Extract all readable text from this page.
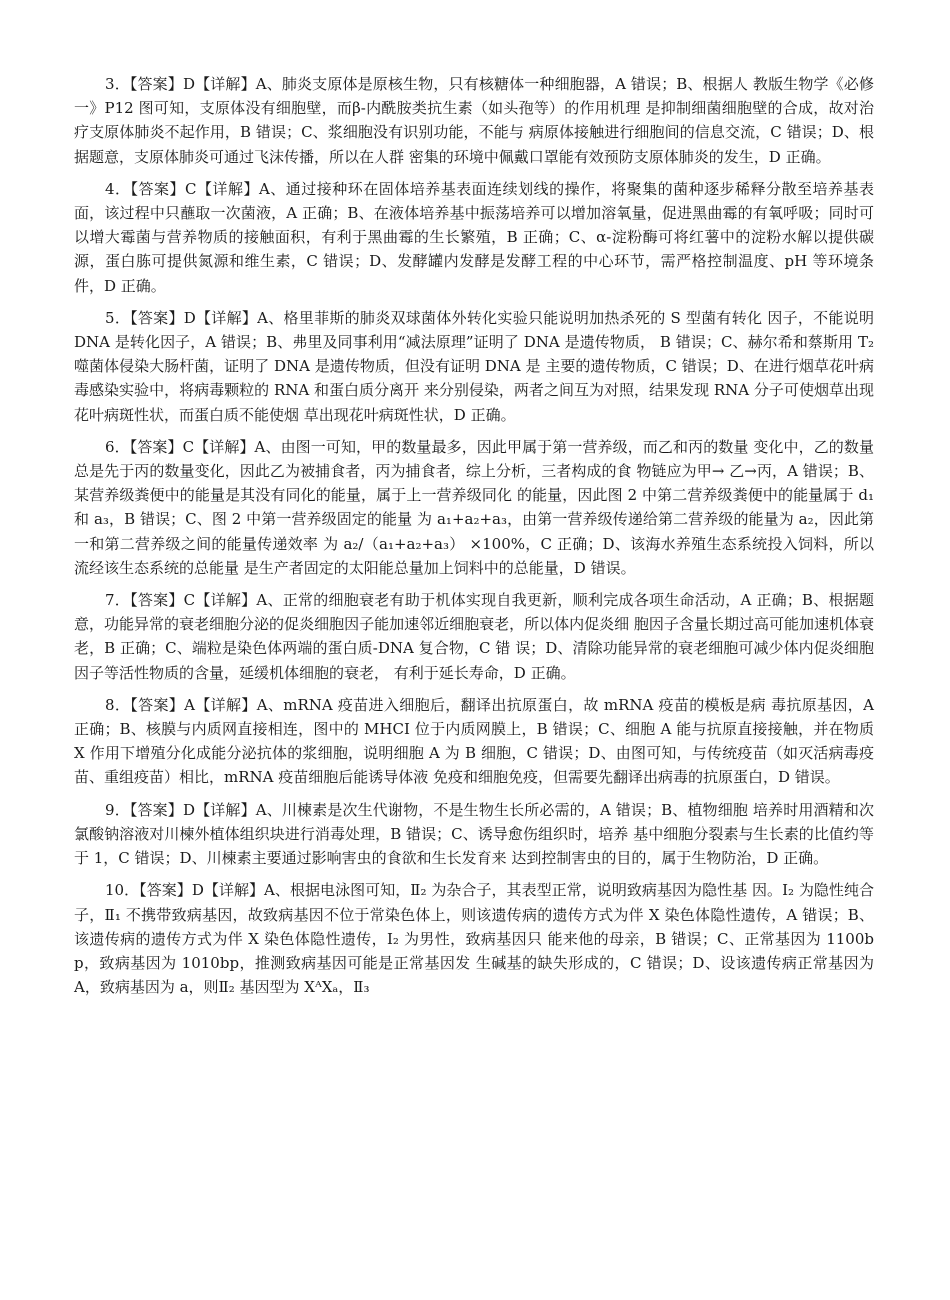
3．【答案】D【详解】A、肺炎支原体是原核生物，只有核糖体一种细胞器，A 错误；B、根据人 教版生物学《必修一》P12 图可知，支原体没有细胞壁，而β-内酰胺类抗生素（如头孢等）的作用机理 是抑制细菌细胞壁的合成，故对治疗支原体肺炎不起作用，B 错误；C、浆细胞没有识别功能，不能与 病原体接触进行细胞间的信息交流，C 错误；D、根据题意，支原体肺炎可通过飞沫传播，所以在人群 密集的环境中佩戴口罩能有效预防支原体肺炎的发生，D 正确。

4．【答案】C【详解】A、通过接种环在固体培养基表面连续划线的操作，将聚集的菌种逐步稀释分散至培养基表面，该过程中只蘸取一次菌液，A 正确；B、在液体培养基中振荡培养可以增加溶氧量，促进黑曲霉的有氧呼吸；同时可以增大霉菌与营养物质的接触面积，有利于黑曲霉的生长繁殖，B 正确；C、α-淀粉酶可将红薯中的淀粉水解以提供碳源，蛋白胨可提供氮源和维生素，C 错误；D、发酵罐内发酵是发酵工程的中心环节，需严格控制温度、pH 等环境条件，D 正确。

5．【答案】D【详解】A、格里菲斯的肺炎双球菌体外转化实验只能说明加热杀死的 S 型菌有转化 因子，不能说明 DNA 是转化因子，A 错误；B、弗里及同事利用“减法原理”证明了 DNA 是遗传物质， B 错误；C、赫尔希和蔡斯用 T₂ 噬菌体侵染大肠杆菌，证明了 DNA 是遗传物质，但没有证明 DNA 是 主要的遗传物质，C 错误；D、在进行烟草花叶病毒感染实验中，将病毒颗粒的 RNA 和蛋白质分离开 来分别侵染，两者之间互为对照，结果发现 RNA 分子可使烟草出现花叶病斑性状，而蛋白质不能使烟 草出现花叶病斑性状，D 正确。

6．【答案】C【详解】A、由图一可知，甲的数量最多，因此甲属于第一营养级，而乙和丙的数量 变化中，乙的数量总是先于丙的数量变化，因此乙为被捕食者，丙为捕食者，综上分析，三者构成的食 物链应为甲→ 乙→丙，A 错误；B、某营养级粪便中的能量是其没有同化的能量，属于上一营养级同化 的能量，因此图 2 中第二营养级粪便中的能量属于 d₁ 和 a₃，B 错误；C、图 2 中第一营养级固定的能量 为 a₁+a₂+a₃，由第一营养级传递给第二营养级的能量为 a₂，因此第一和第二营养级之间的能量传递效率 为 a₂/（a₁+a₂+a₃） ×100%，C 正确；D、该海水养殖生态系统投入饲料，所以流经该生态系统的总能量 是生产者固定的太阳能总量加上饲料中的总能量，D 错误。

7．【答案】C【详解】A、正常的细胞衰老有助于机体实现自我更新，顺利完成各项生命活动，A 正确；B、根据题意，功能异常的衰老细胞分泌的促炎细胞因子能加速邻近细胞衰老，所以体内促炎细 胞因子含量长期过高可能加速机体衰老，B 正确；C、端粒是染色体两端的蛋白质-DNA 复合物，C 错 误；D、清除功能异常的衰老细胞可减少体内促炎细胞因子等活性物质的含量，延缓机体细胞的衰老， 有利于延长寿命，D 正确。

8．【答案】A【详解】A、mRNA 疫苗进入细胞后，翻译出抗原蛋白，故 mRNA 疫苗的模板是病 毒抗原基因，A 正确；B、核膜与内质网直接相连，图中的 MHCI 位于内质网膜上，B 错误；C、细胞 A 能与抗原直接接触，并在物质 X 作用下增殖分化成能分泌抗体的浆细胞，说明细胞 A 为 B 细胞，C 错误；D、由图可知，与传统疫苗（如灭活病毒疫苗、重组疫苗）相比，mRNA 疫苗细胞后能诱导体液 免疫和细胞免疫，但需要先翻译出病毒的抗原蛋白，D 错误。

9．【答案】D【详解】A、川楝素是次生代谢物，不是生物生长所必需的，A 错误；B、植物细胞 培养时用酒精和次氯酸钠溶液对川楝外植体组织块进行消毒处理，B 错误；C、诱导愈伤组织时，培养 基中细胞分裂素与生长素的比值约等于 1，C 错误；D、川楝素主要通过影响害虫的食欲和生长发育来 达到控制害虫的目的，属于生物防治，D 正确。

10．【答案】D【详解】A、根据电泳图可知，Ⅱ₂ 为杂合子，其表型正常，说明致病基因为隐性基 因。I₂ 为隐性纯合子，Ⅱ₁ 不携带致病基因，故致病基因不位于常染色体上，则该遗传病的遗传方式为伴 X 染色体隐性遗传，A 错误；B、该遗传病的遗传方式为伴 X 染色体隐性遗传，I₂ 为男性，致病基因只 能来他的母亲，B 错误；C、正常基因为 1100bp，致病基因为 1010bp，推测致病基因可能是正常基因发 生碱基的缺失形成的，C 错误；D、设该遗传病正常基因为 A，致病基因为 a，则Ⅱ₂ 基因型为 XᴬXₐ，Ⅱ₃
